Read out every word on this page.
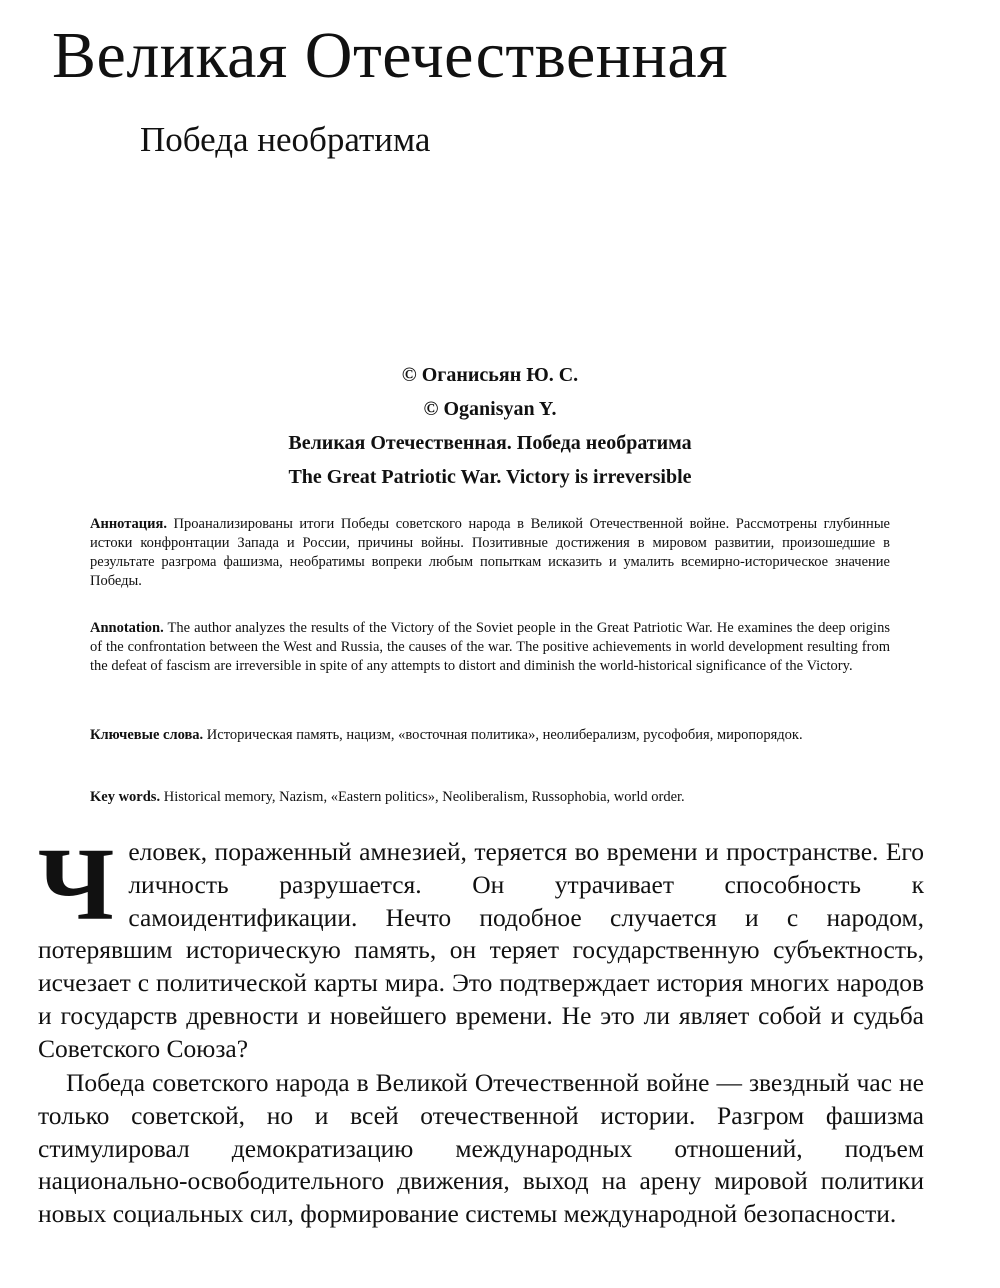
Великая Отечественная
Победа необратима
© Оганисьян Ю. С.
© Oganisyan Y.
Великая Отечественная. Победа необратима
The Great Patriotic War. Victory is irreversible

Аннотация. Проанализированы итоги Победы советского народа в Великой Отечественной войне. Рассмотрены глубинные истоки конфронтации Запада и России, причины войны. Позитивные достижения в мировом развитии, произошедшие в результате разгрома фашизма, необратимы вопреки любым попыткам исказить и умалить всемирно-историческое значение Победы.

Annotation. The author analyzes the results of the Victory of the Soviet people in the Great Patriotic War. He examines the deep origins of the confrontation between the West and Russia, the causes of the war. The positive achievements in world development resulting from the defeat of fascism are irreversible in spite of any attempts to distort and diminish the world-historical significance of the Victory.

Ключевые слова. Историческая память, нацизм, «восточная политика», неолиберализм, русофобия, миропорядок.

Key words. Historical memory, Nazism, «Eastern politics», Neoliberalism, Russophobia, world order.

Человек, пораженный амнезией, теряется во времени и пространстве. Его личность разрушается. Он утрачивает способность к самоидентификации. Нечто подобное случается и с народом, потерявшим историческую память, он теряет государственную субъектность, исчезает с политической карты мира. Это подтверждает история многих народов и государств древности и новейшего времени. Не это ли являет собой и судьба Советского Союза?

Победа советского народа в Великой Отечественной войне — звездный час не только советской, но и всей отечественной истории. Разгром фашизма стимулировал демократизацию международных отношений, подъем национально-освободительного движения, выход на арену мировой политики новых социальных сил, формирование системы международной безопасности.
